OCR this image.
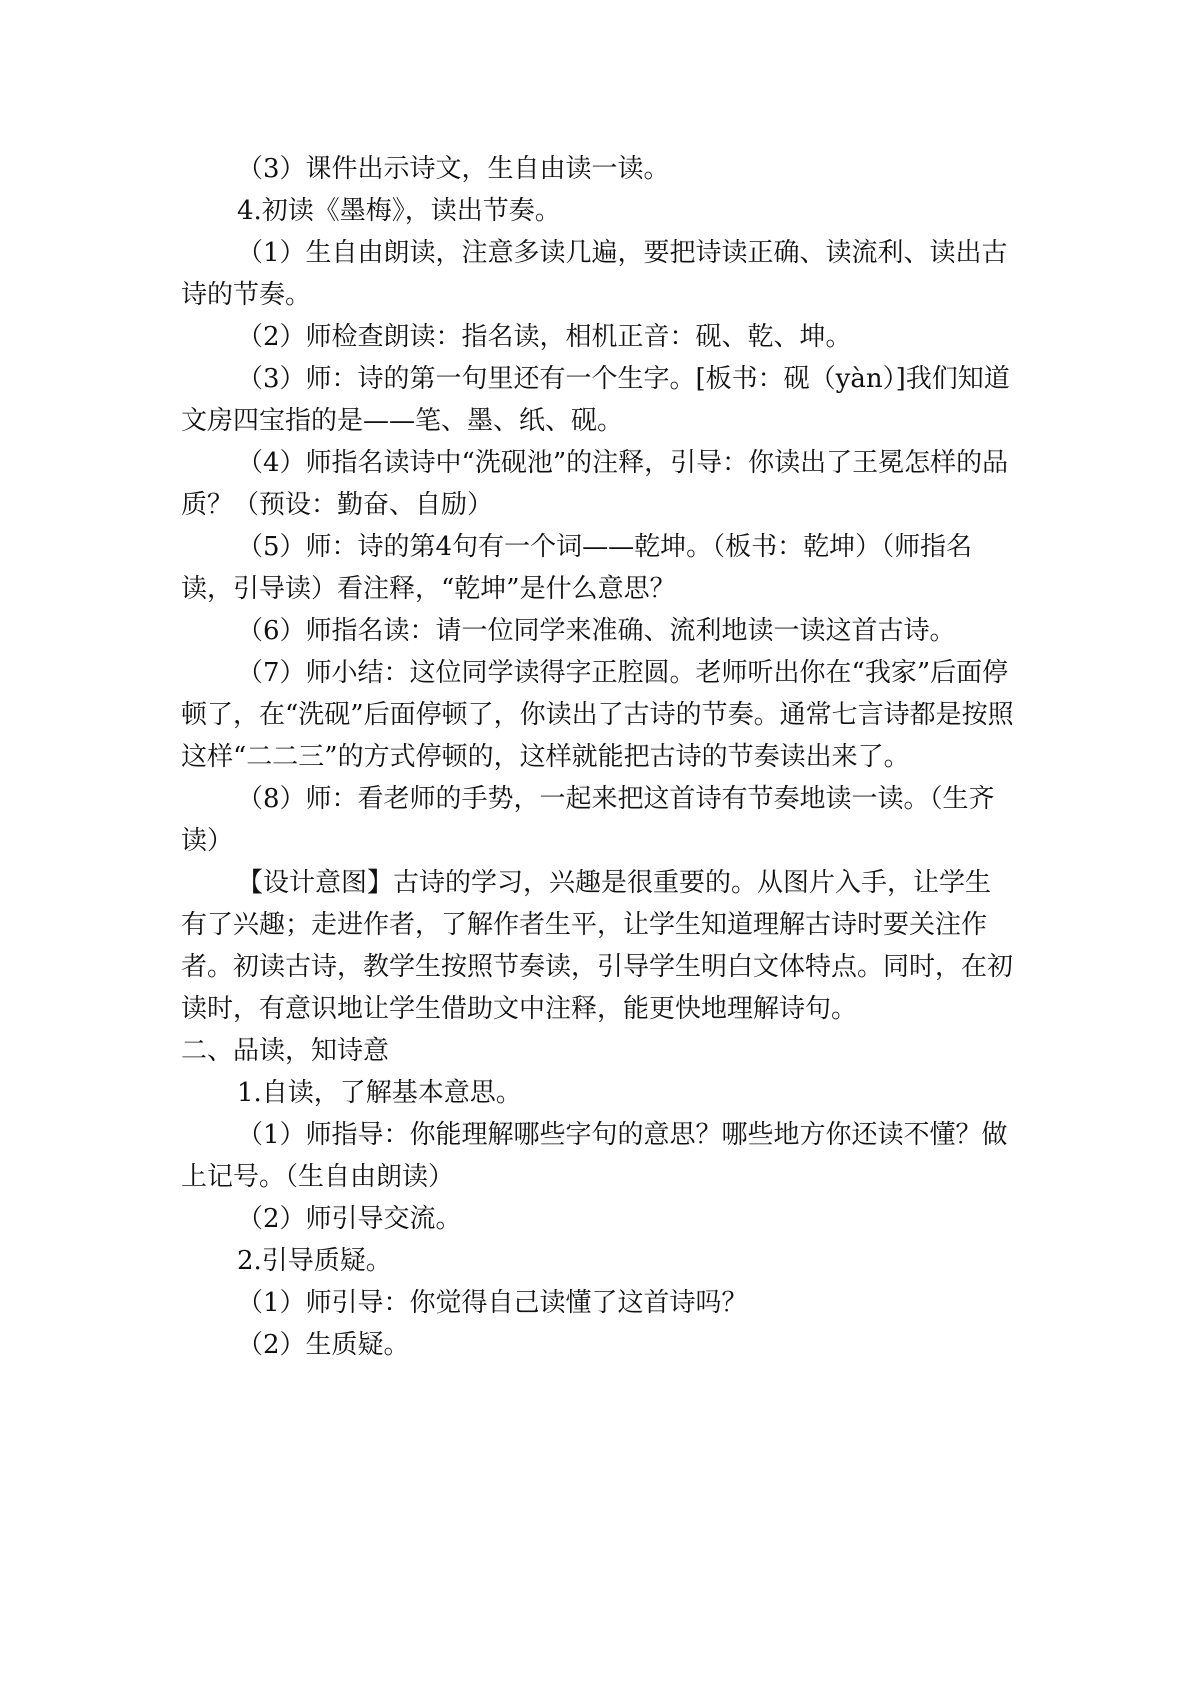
（3）课件出示诗文，生自由读一读。

4.初读《墨梅》，读出节奏。

（1）生自由朗读，注意多读几遍，要把诗读正确、读流利、读出古诗的节奏。

（2）师检查朗读：指名读，相机正音：砚、乾、坤。

（3）师：诗的第一句里还有一个生字。[板书：砚（yàn）]我们知道文房四宝指的是——笔、墨、纸、砚。

（4）师指名读诗中“洗砚池”的注释，引导：你读出了王冕怎样的品质？（预设：勤奋、自励）

（5）师：诗的第4句有一个词——乾坤。（板书：乾坤）（师指名读，引导读）看注释，“乾坤”是什么意思？

（6）师指名读：请一位同学来准确、流利地读一读这首古诗。

（7）师小结：这位同学读得字正腔圆。老师听出你在“我家”后面停顿了，在“洗砚”后面停顿了，你读出了古诗的节奏。通常七言诗都是按照这样“二二三”的方式停顿的，这样就能把古诗的节奏读出来了。

（8）师：看老师的手势，一起来把这首诗有节奏地读一读。（生齐读）

【设计意图】古诗的学习，兴趣是很重要的。从图片入手，让学生有了兴趣；走进作者，了解作者生平，让学生知道理解古诗时要关注作者。初读古诗，教学生按照节奏读，引导学生明白文体特点。同时，在初读时，有意识地让学生借助文中注释，能更快地理解诗句。

二、品读，知诗意

1.自读，了解基本意思。

（1）师指导：你能理解哪些字句的意思？哪些地方你还读不懂？做上记号。（生自由朗读）

（2）师引导交流。

2.引导质疑。

（1）师引导：你觉得自己读懂了这首诗吗？

（2）生质疑。
